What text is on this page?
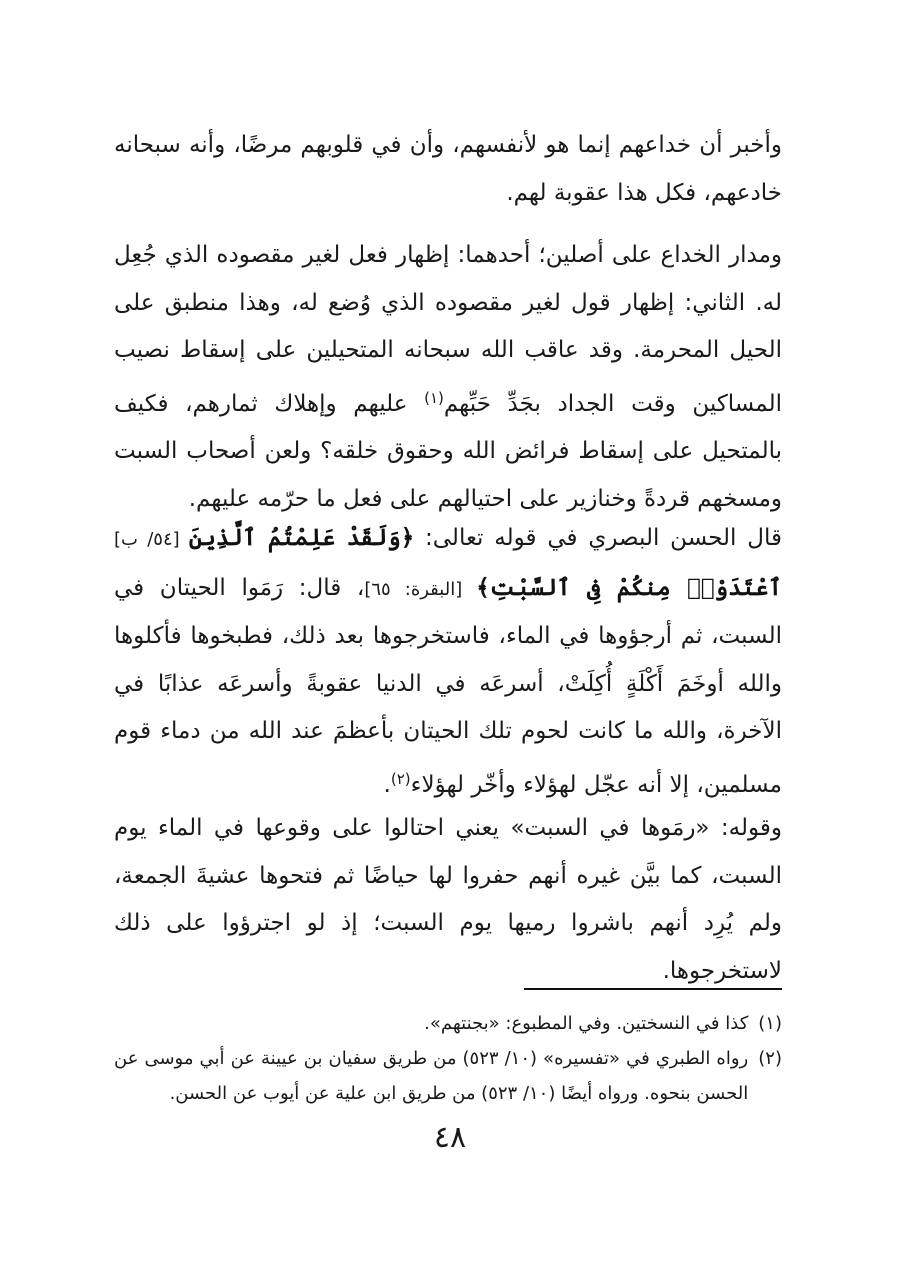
وأخبر أن خداعهم إنما هو لأنفسهم، وأن في قلوبهم مرضًا، وأنه سبحانه خادعهم، فكل هذا عقوبة لهم.

ومدار الخداع على أصلين؛ أحدهما: إظهار فعل لغير مقصوده الذي جُعِل له. الثاني: إظهار قول لغير مقصوده الذي وُضع له، وهذا منطبق على الحيل المحرمة. وقد عاقب الله سبحانه المتحيلين على إسقاط نصيب المساكين وقت الجداد بجَدِّ حَبِّهم$^{(١)}$ عليهم وإهلاك ثمارهم، فكيف بالمتحيل على إسقاط فرائض الله وحقوق خلقه؟ ولعن أصحاب السبت ومسخهم قردةً وخنازير على احتيالهم على فعل ما حرّمه عليهم.

قال الحسن البصري في قوله تعالى: ﴿وَلَقَدْ عَلِمْتُمُ ٱلَّذِينَ [٥٤/ ب] ٱعْتَدَوْا۟ مِنكُمْ فِى ٱلسَّبْتِ﴾ [البقرة: ٦٥]، قال: رَمَوا الحيتان في السبت، ثم أرجؤوها في الماء، فاستخرجوها بعد ذلك، فطبخوها فأكلوها والله أوخَمَ أَكْلَةٍ أُكِلَتْ، أسرعَه في الدنيا عقوبةً وأسرعَه عذابًا في الآخرة، والله ما كانت لحوم تلك الحيتان بأعظمَ عند الله من دماء قوم مسلمين، إلا أنه عجّل لهؤلاء وأخّر لهؤلاء$^{(٢)}$.

وقوله: «رمَوها في السبت» يعني احتالوا على وقوعها في الماء يوم السبت، كما بيَّن غيره أنهم حفروا لها حياضًا ثم فتحوها عشيةَ الجمعة، ولم يُرِد أنهم باشروا رميها يوم السبت؛ إذ لو اجترؤوا على ذلك لاستخرجوها.

(١)
كذا في النسختين. وفي المطبوع: «بجنتهم».
(٢)
رواه الطبري في «تفسيره» (١٠/ ٥٢٣) من طريق سفيان بن عيينة عن أبي موسى عن الحسن بنحوه. ورواه أيضًا (١٠/ ٥٢٣) من طريق ابن علية عن أيوب عن الحسن.
٤٨
